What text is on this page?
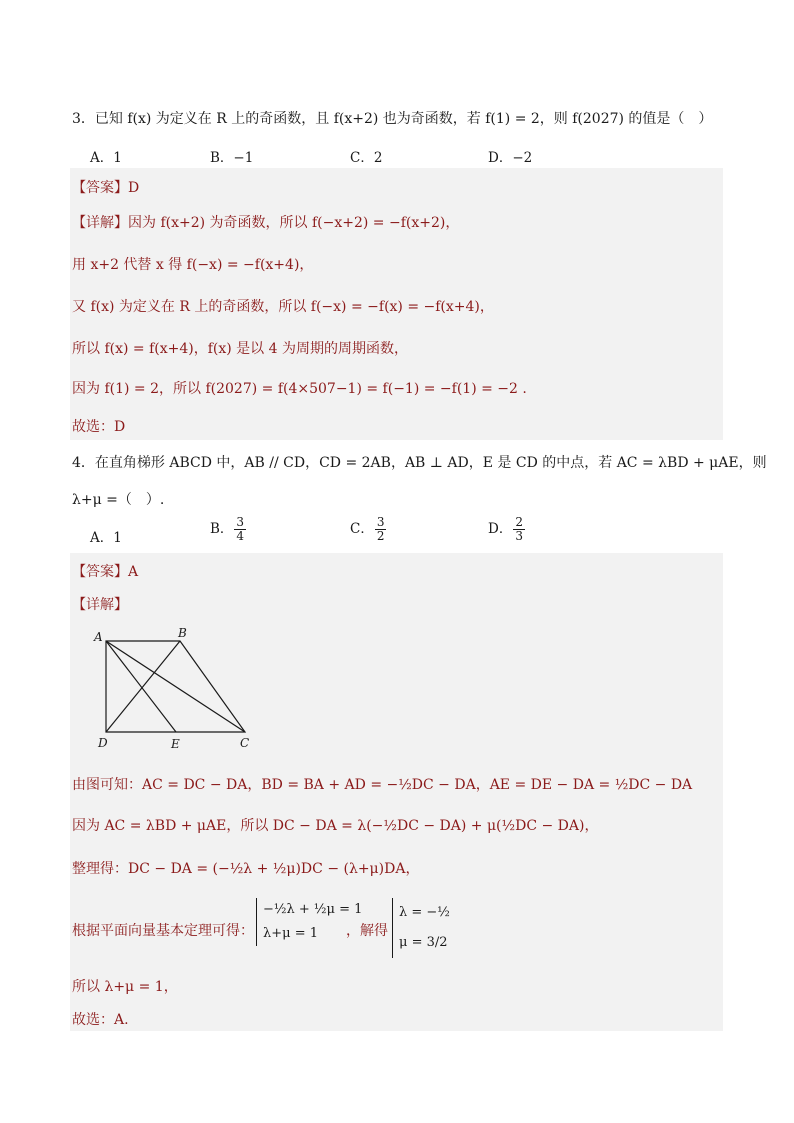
3．已知 f(x) 为定义在 R 上的奇函数，且 f(x+2) 也为奇函数，若 f(1) = 2，则 f(2027) 的值是（　）
A．1	B．−1	C．2	D．−2
【答案】D
【详解】因为 f(x+2) 为奇函数，所以 f(−x+2) = −f(x+2)，
用 x+2 代替 x 得 f(−x) = −f(x+4)，
又 f(x) 为定义在 R 上的奇函数，所以 f(−x) = −f(x) = −f(x+4)，
所以 f(x) = f(x+4)，f(x) 是以 4 为周期的周期函数，
因为 f(1) = 2，所以 f(2027) = f(4×507−1) = f(−1) = −f(1) = −2 .
故选：D
4．在直角梯形 ABCD 中，AB // CD，CD = 2AB，AB ⊥ AD，E 是 CD 的中点，若 AC = λBD + μAE，则
λ+μ =（　）.
A．1
B． $\frac{3}{4}$	C． $\frac{3}{2}$	D． $\frac{2}{3}$
【答案】A
【详解】
A	B
C
D	E
由图可知：AC = DC − DA，BD = BA + AD = −½DC − DA，AE = DE − DA = ½DC − DA
因为 AC = λBD + μAE，所以 DC − DA = λ(−½DC − DA) + μ(½DC − DA)，
整理得：DC − DA = (−½λ + ½μ)DC − (λ+μ)DA，
根据平面向量基本定理可得：
−½λ + ½μ = 1
λ+μ = 1	，解得
λ = −½
μ = 3/2
所以 λ+μ = 1，
故选：A.
